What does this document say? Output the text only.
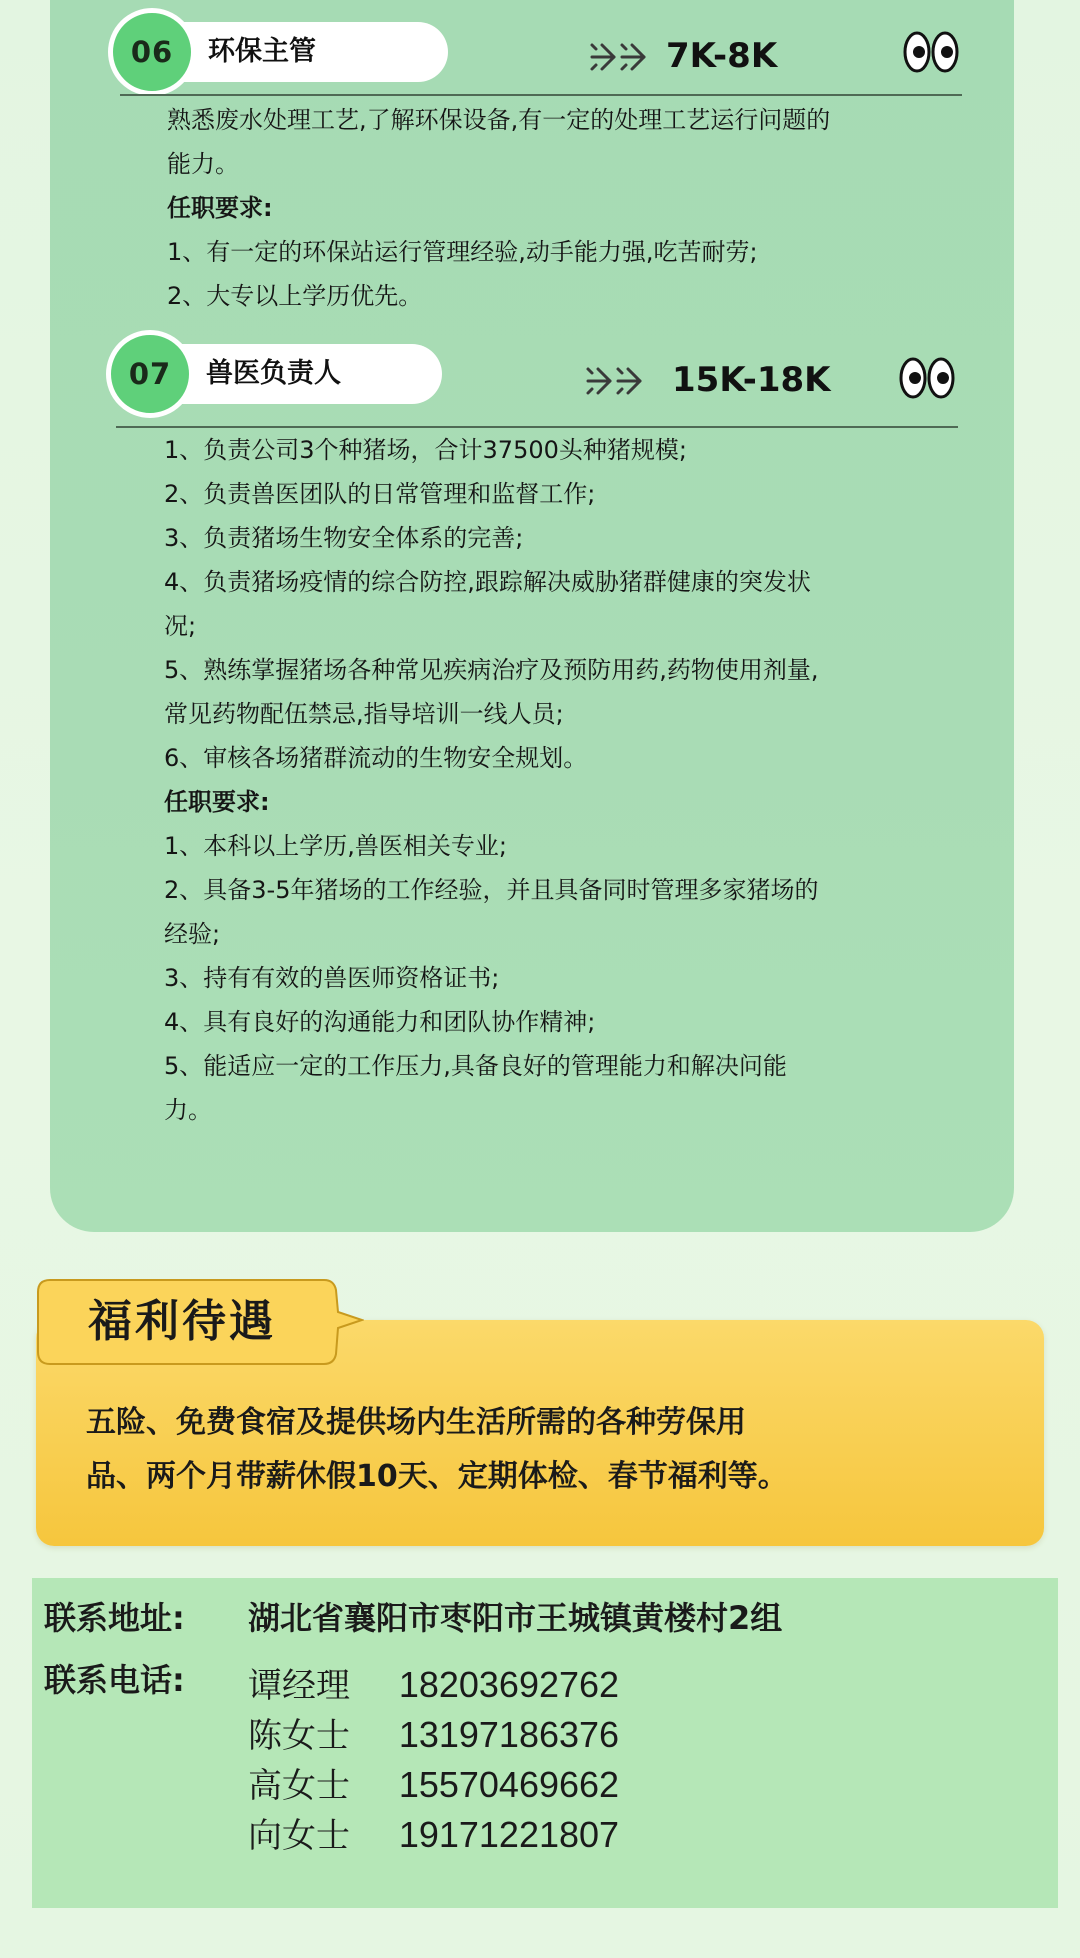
06 环保主管	7K-8K
熟悉废水处理工艺,了解环保设备,有一定的处理工艺运行问题的
能力。
任职要求:
1、有一定的环保站运行管理经验,动手能力强,吃苦耐劳;
2、大专以上学历优先。
07 兽医负责人	15K-18K
1、负责公司3个种猪场，合计37500头种猪规模;
2、负责兽医团队的日常管理和监督工作;
3、负责猪场生物安全体系的完善;
4、负责猪场疫情的综合防控,跟踪解决威胁猪群健康的突发状
况;
5、熟练掌握猪场各种常见疾病治疗及预防用药,药物使用剂量,
常见药物配伍禁忌,指导培训一线人员;
6、审核各场猪群流动的生物安全规划。
任职要求:
1、本科以上学历,兽医相关专业;
2、具备3-5年猪场的工作经验，并且具备同时管理多家猪场的
经验;
3、持有有效的兽医师资格证书;
4、具有良好的沟通能力和团队协作精神;
5、能适应一定的工作压力,具备良好的管理能力和解决问能
力。
福利待遇
五险、免费食宿及提供场内生活所需的各种劳保用
品、两个月带薪休假10天、定期体检、春节福利等。
联系地址: 湖北省襄阳市枣阳市王城镇黄楼村2组
联系电话: 谭经理 18203692762
陈女士 13197186376
高女士 15570469662
向女士 19171221807
